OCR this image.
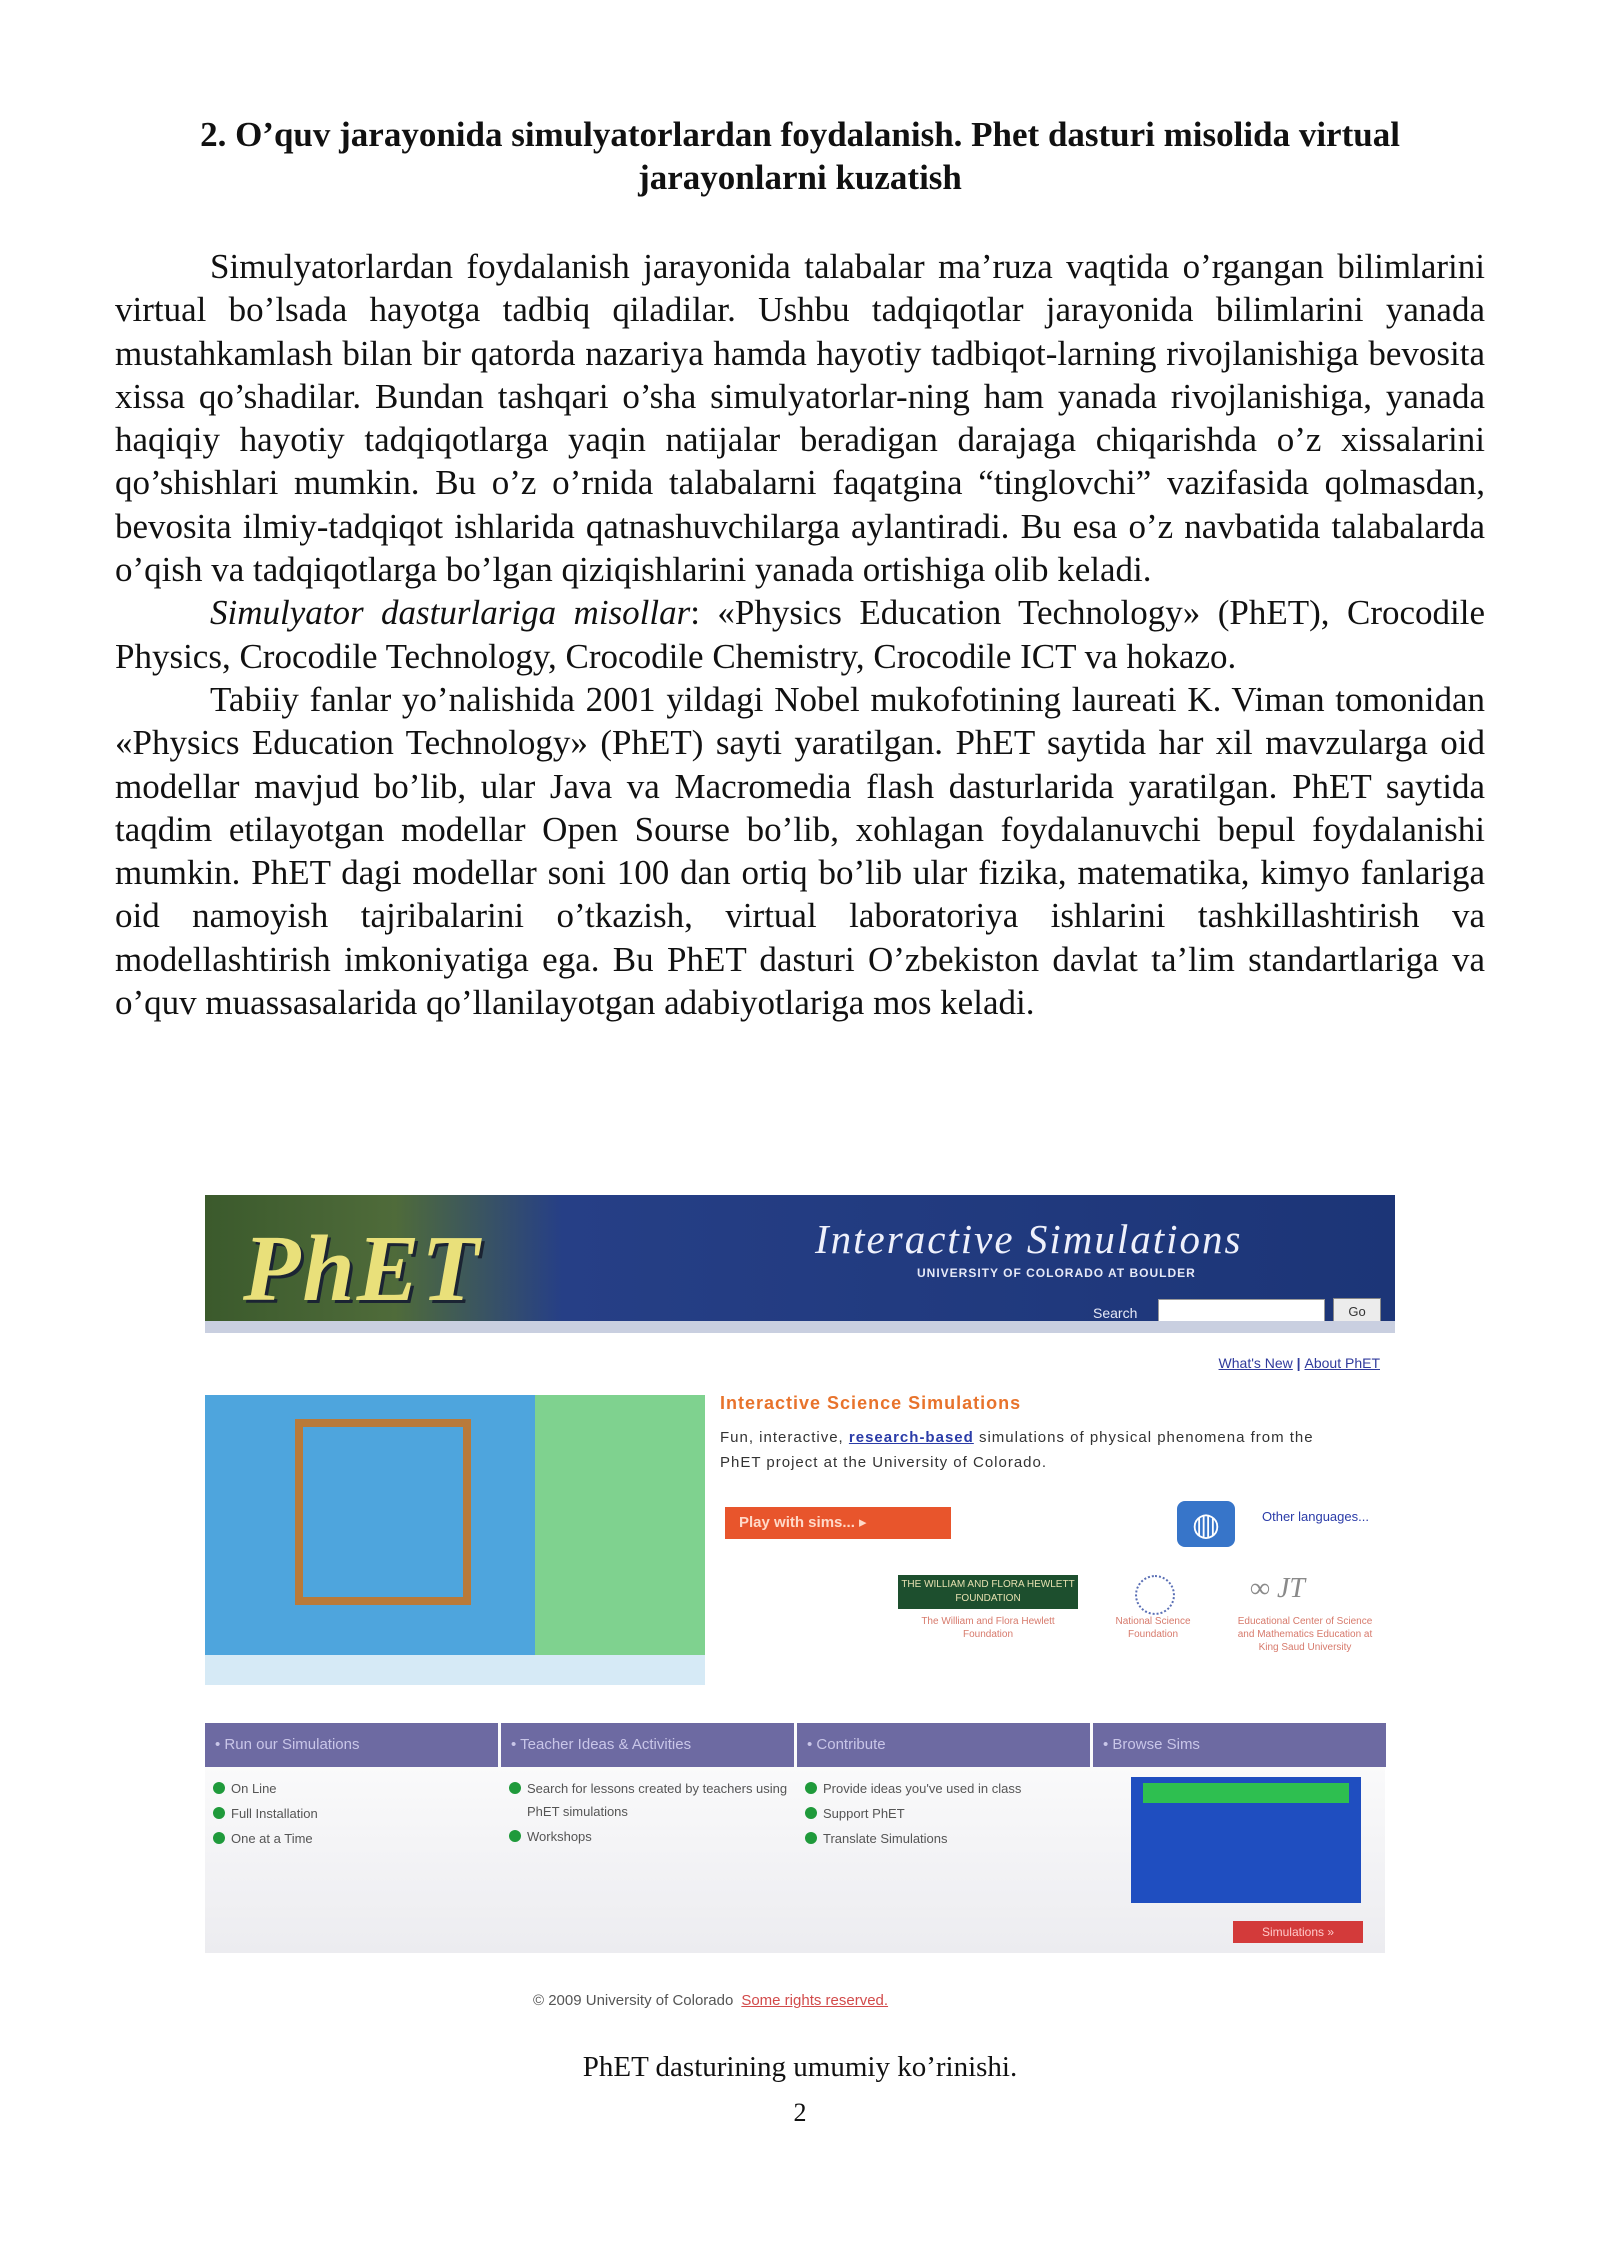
2. O’quv jarayonida simulyatorlardan foydalanish. Phet dasturi misolida virtual
jarayonlarni kuzatish

Simulyatorlardan foydalanish jarayonida talabalar ma’ruza vaqtida o’rgangan bilimlarini virtual bo’lsada hayotga tadbiq qiladilar. Ushbu tadqiqotlar jarayonida bilimlarini yanada mustahkamlash bilan bir qatorda nazariya hamda hayotiy tadbiqot-larning rivojlanishiga bevosita xissa qo’shadilar. Bundan tashqari o’sha simulyatorlar-ning ham yanada rivojlanishiga, yanada haqiqiy hayotiy tadqiqotlarga yaqin natijalar beradigan darajaga chiqarishda o’z xissalarini qo’shishlari mumkin. Bu o’z o’rnida talabalarni faqatgina “tinglovchi” vazifasida qolmasdan, bevosita ilmiy-tadqiqot ishlarida qatnashuvchilarga aylantiradi. Bu esa o’z navbatida talabalarda o’qish va tadqiqotlarga bo’lgan qiziqishlarini yanada ortishiga olib keladi.

Simulyator dasturlariga misollar: «Physics Education Technology» (PhET), Crocodile Physics, Crocodile Technology, Crocodile Chemistry, Crocodile ICT va hokazo.

Tabiiy fanlar yo’nalishida 2001 yildagi Nobel mukofotining laureati K. Viman tomonidan «Physics Education Technology» (PhET) sayti yaratilgan. PhET saytida har xil mavzularga oid modellar mavjud bo’lib, ular Java va Macromedia flash dasturlarida yaratilgan. PhET saytida taqdim etilayotgan modellar Open Sourse bo’lib, xohlagan foydalanuvchi bepul foydalanishi mumkin. PhET dagi modellar soni 100 dan ortiq bo’lib ular fizika, matematika, kimyo fanlariga oid namoyish tajribalarini o’tkazish, virtual laboratoriya ishlarini tashkillashtirish va modellashtirish imkoniyatiga ega. Bu PhET dasturi O’zbekiston davlat ta’lim standartlariga va o’quv muassasalarida qo’llanilayotgan adabiyotlariga mos keladi.

PhET	Interactive Simulations
UNIVERSITY OF COLORADO AT BOULDER
Search	Go
What's New | About PhET
Interactive Science Simulations
Fun, interactive, research-based simulations of physical phenomena from the PhET project at the University of Colorado.
Play with sims... ▸	◍	Other languages...
THE WILLIAM AND FLORA HEWLETT FOUNDATION
The William and Flora Hewlett Foundation
National Science Foundation
∞ JT
Educational Center of Science and Mathematics Education at King Saud University
• Run our Simulations
On Line
Full Installation
One at a Time
• Teacher Ideas & Activities
Search for lessons created by teachers using PhET simulations
Workshops
• Contribute
Provide ideas you've used in class
Support PhET
Translate Simulations
• Browse Sims
Simulations »
© 2009 University of Colorado Some rights reserved.
PhET dasturining umumiy ko’rinishi.
2
